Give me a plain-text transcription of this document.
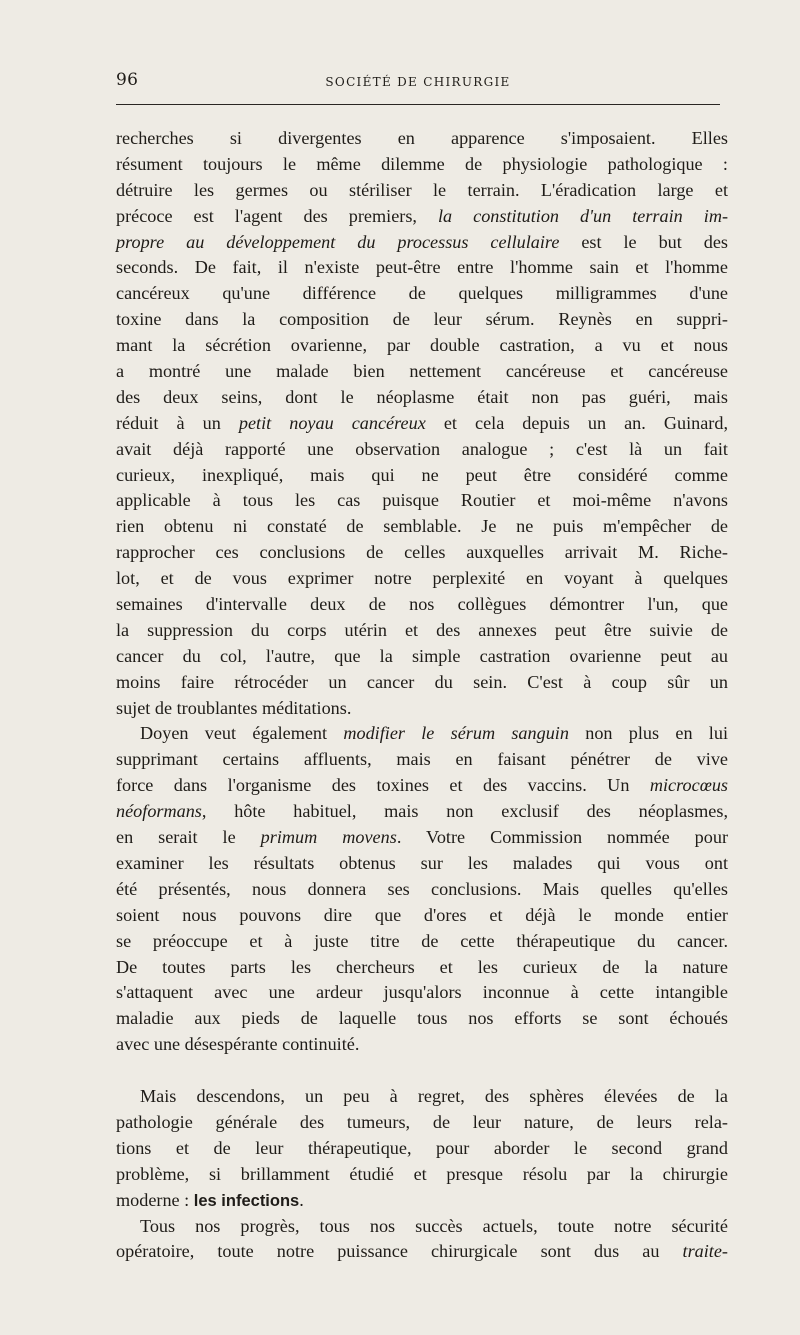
96	SOCIÉTÉ DE CHIRURGIE
recherches si divergentes en apparence s'imposaient. Elles
résument toujours le même dilemme de physiologie pathologique :
détruire les germes ou stériliser le terrain. L'éradication large et
précoce est l'agent des premiers, la constitution d'un terrain im-
propre au développement du processus cellulaire est le but des
seconds. De fait, il n'existe peut-être entre l'homme sain et l'homme
cancéreux qu'une différence de quelques milligrammes d'une
toxine dans la composition de leur sérum. Reynès en suppri-
mant la sécrétion ovarienne, par double castration, a vu et nous
a montré une malade bien nettement cancéreuse et cancéreuse
des deux seins, dont le néoplasme était non pas guéri, mais
réduit à un petit noyau cancéreux et cela depuis un an. Guinard,
avait déjà rapporté une observation analogue ; c'est là un fait
curieux, inexpliqué, mais qui ne peut être considéré comme
applicable à tous les cas puisque Routier et moi-même n'avons
rien obtenu ni constaté de semblable. Je ne puis m'empêcher de
rapprocher ces conclusions de celles auxquelles arrivait M. Riche-
lot, et de vous exprimer notre perplexité en voyant à quelques
semaines d'intervalle deux de nos collègues démontrer l'un, que
la suppression du corps utérin et des annexes peut être suivie de
cancer du col, l'autre, que la simple castration ovarienne peut au
moins faire rétrocéder un cancer du sein. C'est à coup sûr un
sujet de troublantes méditations.
Doyen veut également modifier le sérum sanguin non plus en lui
supprimant certains affluents, mais en faisant pénétrer de vive
force dans l'organisme des toxines et des vaccins. Un microcœus
néoformans, hôte habituel, mais non exclusif des néoplasmes,
en serait le primum movens. Votre Commission nommée pour
examiner les résultats obtenus sur les malades qui vous ont
été présentés, nous donnera ses conclusions. Mais quelles qu'elles
soient nous pouvons dire que d'ores et déjà le monde entier
se préoccupe et à juste titre de cette thérapeutique du cancer.
De toutes parts les chercheurs et les curieux de la nature
s'attaquent avec une ardeur jusqu'alors inconnue à cette intangible
maladie aux pieds de laquelle tous nos efforts se sont échoués
avec une désespérante continuité.
Mais descendons, un peu à regret, des sphères élevées de la
pathologie générale des tumeurs, de leur nature, de leurs rela-
tions et de leur thérapeutique, pour aborder le second grand
problème, si brillamment étudié et presque résolu par la chirurgie
moderne : les infections.
Tous nos progrès, tous nos succès actuels, toute notre sécurité
opératoire, toute notre puissance chirurgicale sont dus au traite-
